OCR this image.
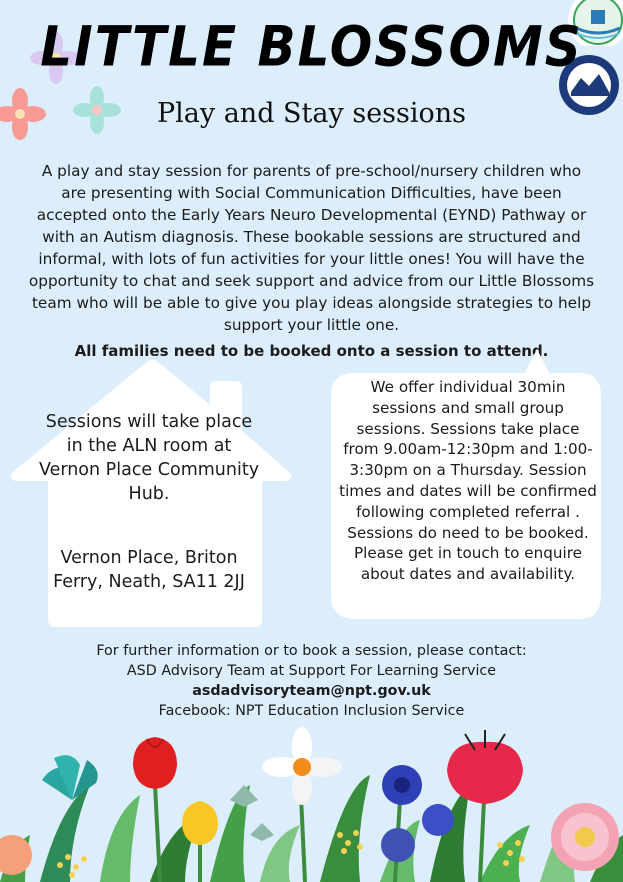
LITTLE BLOSSOMS
Play and Stay sessions
A play and stay session for parents of pre-school/nursery children who are presenting with Social Communication Difficulties, have been accepted onto the Early Years Neuro Developmental (EYND) Pathway or with an Autism diagnosis. These bookable sessions are structured and informal, with lots of fun activities for your little ones! You will have the opportunity to chat and seek support and advice from our Little Blossoms team who will be able to give you play ideas alongside strategies to help support your little one.
All families need to be booked onto a session to attend.

Sessions will take place in the ALN room at Vernon Place Community Hub.

Vernon Place, Briton Ferry, Neath, SA11 2JJ

We offer individual 30min sessions and small group sessions. Sessions take place from 9.00am-12:30pm and 1:00-3:30pm on a Thursday. Session times and dates will be confirmed following completed referral . Sessions do need to be booked.

Please get in touch to enquire about dates and availability.

For further information or to book a session, please contact:

ASD Advisory Team at Support For Learning Service

asdadvisoryteam@npt.gov.uk

Facebook: NPT Education Inclusion Service
